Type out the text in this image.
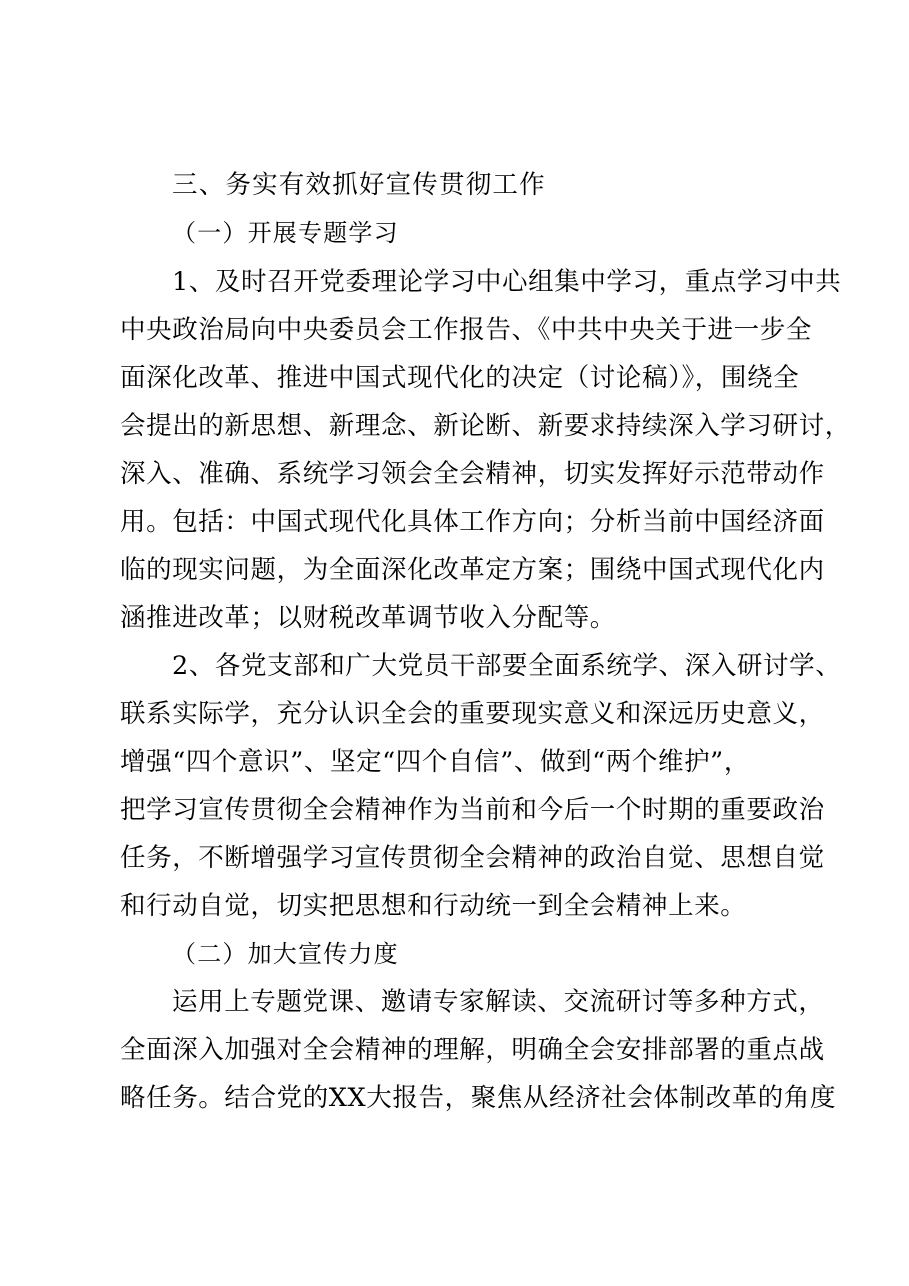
三、务实有效抓好宣传贯彻工作
（一）开展专题学习
1、及时召开党委理论学习中心组集中学习，重点学习中共
中央政治局向中央委员会工作报告、《中共中央关于进一步全
面深化改革、推进中国式现代化的决定（讨论稿）》，围绕全
会提出的新思想、新理念、新论断、新要求持续深入学习研讨，
深入、准确、系统学习领会全会精神，切实发挥好示范带动作
用。包括：中国式现代化具体工作方向；分析当前中国经济面
临的现实问题，为全面深化改革定方案；围绕中国式现代化内
涵推进改革；以财税改革调节收入分配等。
2、各党支部和广大党员干部要全面系统学、深入研讨学、
联系实际学，充分认识全会的重要现实意义和深远历史意义，
增强“四个意识”、坚定“四个自信”、做到“两个维护”，
把学习宣传贯彻全会精神作为当前和今后一个时期的重要政治
任务，不断增强学习宣传贯彻全会精神的政治自觉、思想自觉
和行动自觉，切实把思想和行动统一到全会精神上来。
（二）加大宣传力度
运用上专题党课、邀请专家解读、交流研讨等多种方式，
全面深入加强对全会精神的理解，明确全会安排部署的重点战
略任务。结合党的XX大报告，聚焦从经济社会体制改革的角度
